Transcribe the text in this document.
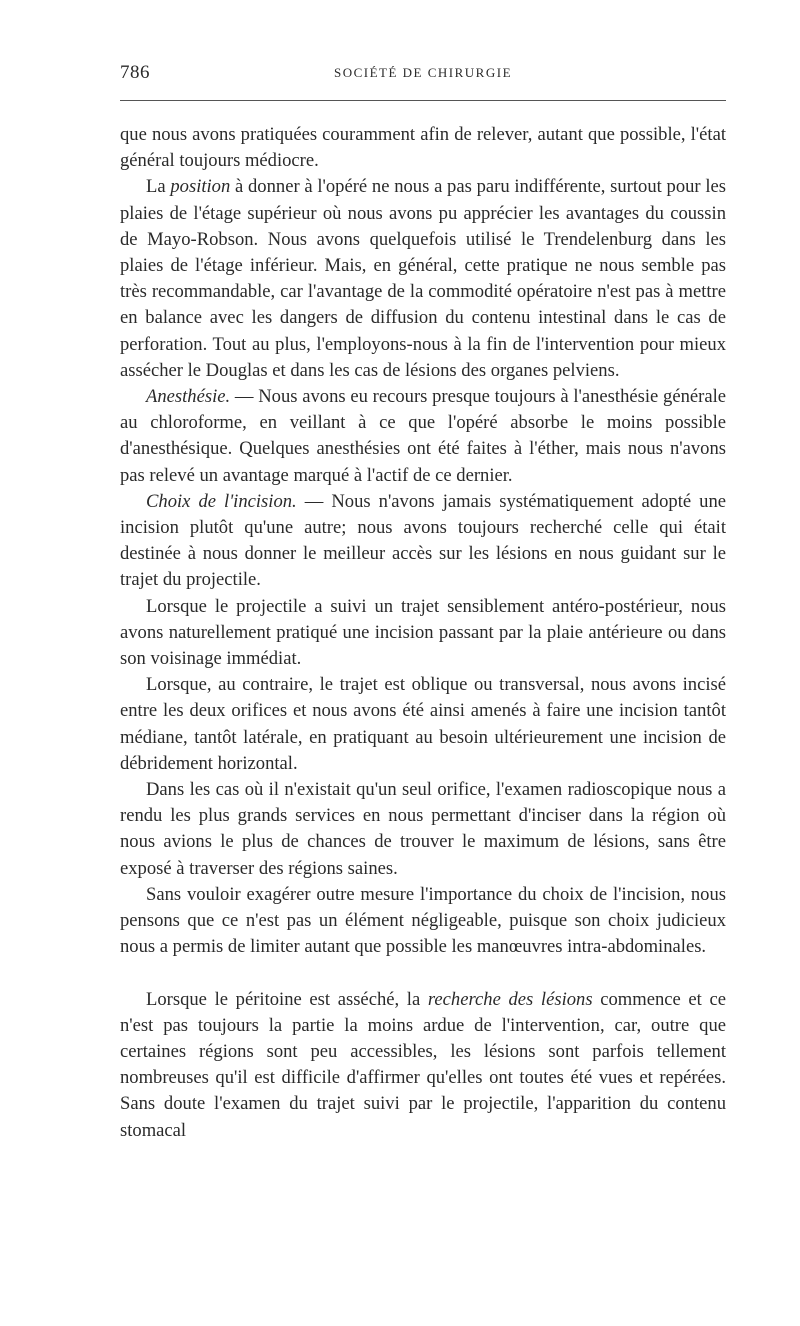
786	SOCIÉTÉ DE CHIRURGIE

que nous avons pratiquées couramment afin de relever, autant que possible, l'état général toujours médiocre.

La position à donner à l'opéré ne nous a pas paru indifférente, surtout pour les plaies de l'étage supérieur où nous avons pu apprécier les avantages du coussin de Mayo-Robson. Nous avons quelquefois utilisé le Trendelenburg dans les plaies de l'étage inférieur. Mais, en général, cette pratique ne nous semble pas très recommandable, car l'avantage de la commodité opératoire n'est pas à mettre en balance avec les dangers de diffusion du contenu intestinal dans le cas de perforation. Tout au plus, l'employons-nous à la fin de l'intervention pour mieux assécher le Douglas et dans les cas de lésions des organes pelviens.

Anesthésie. — Nous avons eu recours presque toujours à l'anesthésie générale au chloroforme, en veillant à ce que l'opéré absorbe le moins possible d'anesthésique. Quelques anesthésies ont été faites à l'éther, mais nous n'avons pas relevé un avantage marqué à l'actif de ce dernier.

Choix de l'incision. — Nous n'avons jamais systématiquement adopté une incision plutôt qu'une autre; nous avons toujours recherché celle qui était destinée à nous donner le meilleur accès sur les lésions en nous guidant sur le trajet du projectile.

Lorsque le projectile a suivi un trajet sensiblement antéro-postérieur, nous avons naturellement pratiqué une incision passant par la plaie antérieure ou dans son voisinage immédiat.

Lorsque, au contraire, le trajet est oblique ou transversal, nous avons incisé entre les deux orifices et nous avons été ainsi amenés à faire une incision tantôt médiane, tantôt latérale, en pratiquant au besoin ultérieurement une incision de débridement horizontal.

Dans les cas où il n'existait qu'un seul orifice, l'examen radioscopique nous a rendu les plus grands services en nous permettant d'inciser dans la région où nous avions le plus de chances de trouver le maximum de lésions, sans être exposé à traverser des régions saines.

Sans vouloir exagérer outre mesure l'importance du choix de l'incision, nous pensons que ce n'est pas un élément négligeable, puisque son choix judicieux nous a permis de limiter autant que possible les manœuvres intra-abdominales.

Lorsque le péritoine est asséché, la recherche des lésions commence et ce n'est pas toujours la partie la moins ardue de l'intervention, car, outre que certaines régions sont peu accessibles, les lésions sont parfois tellement nombreuses qu'il est difficile d'affirmer qu'elles ont toutes été vues et repérées. Sans doute l'examen du trajet suivi par le projectile, l'apparition du contenu stomacal
